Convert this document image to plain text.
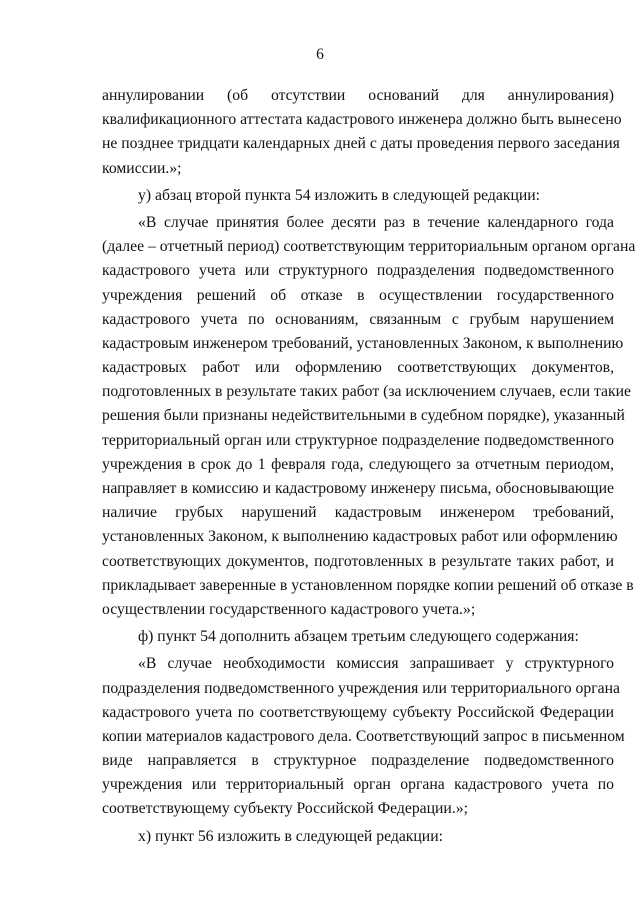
6
аннулировании (об отсутствии оснований для аннулирования)
квалификационного аттестата кадастрового инженера должно быть вынесено
не позднее тридцати календарных дней с даты проведения первого заседания
комиссии.»;
у) абзац второй пункта 54 изложить в следующей редакции:
«В случае принятия более десяти раз в течение календарного года
(далее – отчетный период) соответствующим территориальным органом органа
кадастрового учета или структурного подразделения подведомственного
учреждения решений об отказе в осуществлении государственного
кадастрового учета по основаниям, связанным с грубым нарушением
кадастровым инженером требований, установленных Законом, к выполнению
кадастровых работ или оформлению соответствующих документов,
подготовленных в результате таких работ (за исключением случаев, если такие
решения были признаны недействительными в судебном порядке), указанный
территориальный орган или структурное подразделение подведомственного
учреждения в срок до 1 февраля года, следующего за отчетным периодом,
направляет в комиссию и кадастровому инженеру письма, обосновывающие
наличие грубых нарушений кадастровым инженером требований,
установленных Законом, к выполнению кадастровых работ или оформлению
соответствующих документов, подготовленных в результате таких работ, и
прикладывает заверенные в установленном порядке копии решений об отказе в
осуществлении государственного кадастрового учета.»;
ф) пункт 54 дополнить абзацем третьим следующего содержания:
«В случае необходимости комиссия запрашивает у структурного
подразделения подведомственного учреждения или территориального органа
кадастрового учета по соответствующему субъекту Российской Федерации
копии материалов кадастрового дела. Соответствующий запрос в письменном
виде направляется в структурное подразделение подведомственного
учреждения или территориальный орган органа кадастрового учета по
соответствующему субъекту Российской Федерации.»;
х) пункт 56 изложить в следующей редакции:
